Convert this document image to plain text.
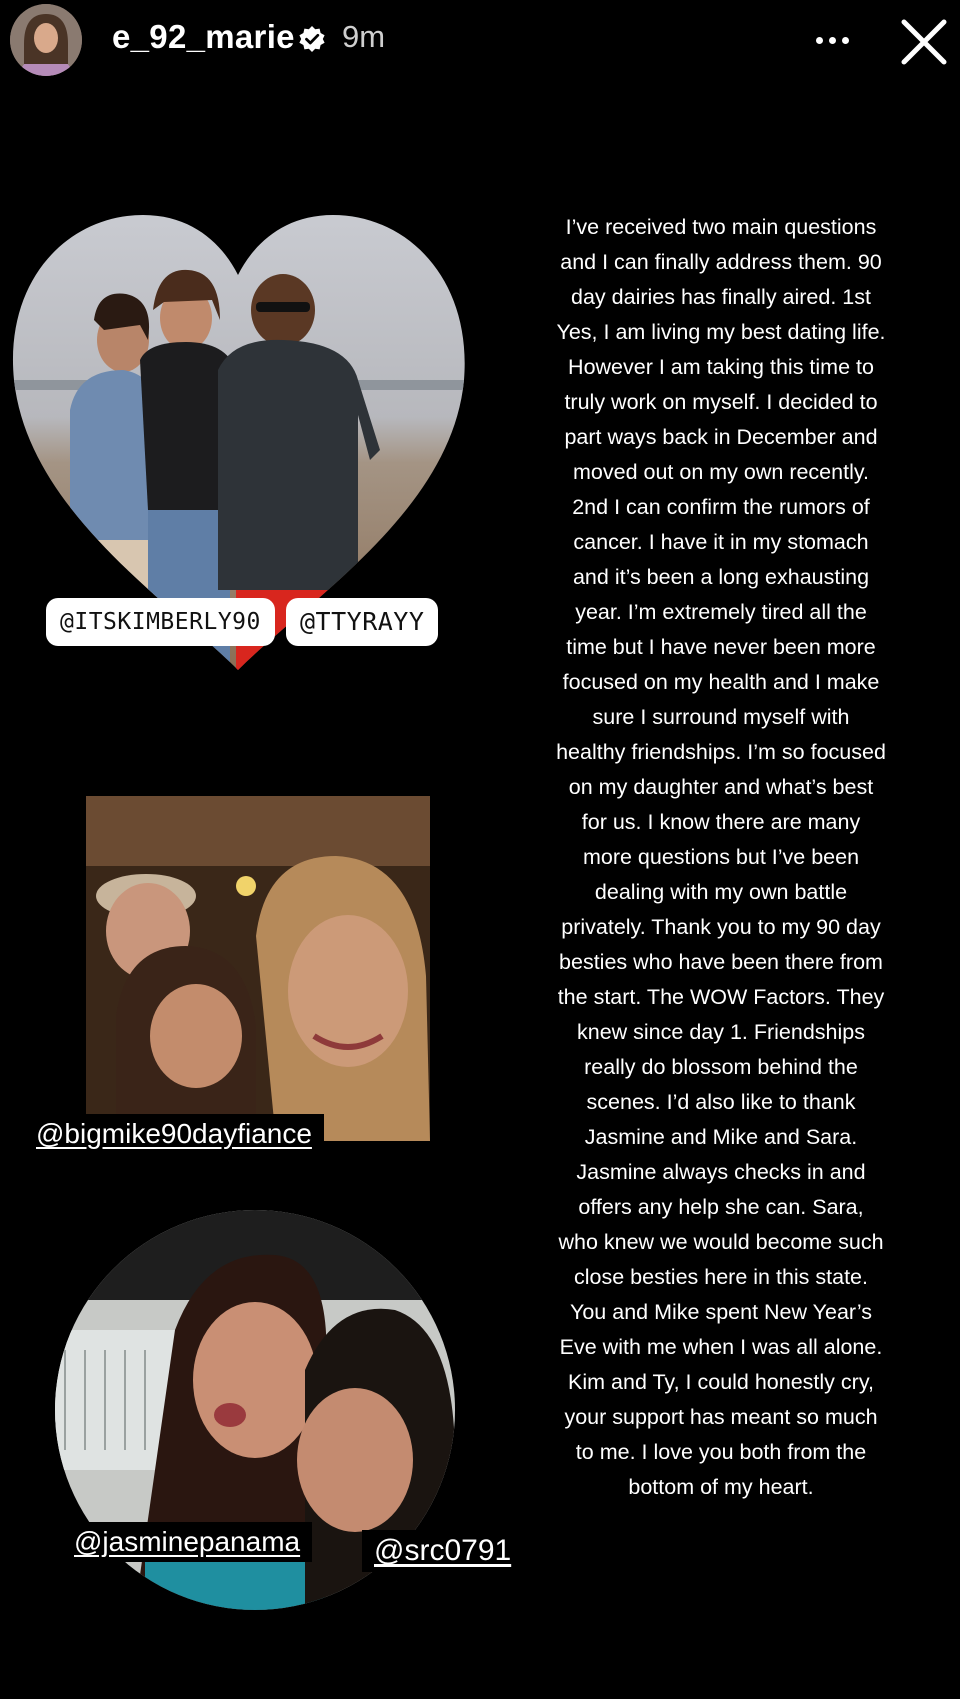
e_92_marie 9m
@ITSKIMBERLY90	@TTYRAYY
@bigmike90dayfiance
@jasminepanama	@src0791
I’ve received two main questions and I can finally address them. 90 day dairies has finally aired. 1st Yes, I am living my best dating life. However I am taking this time to truly work on myself. I decided to part ways back in December and moved out on my own recently. 2nd I can confirm the rumors of cancer. I have it in my stomach and it’s been a long exhausting year. I’m extremely tired all the time but I have never been more focused on my health and I make sure I surround myself with healthy friendships. I’m so focused on my daughter and what’s best for us. I know there are many more questions but I’ve been dealing with my own battle privately. Thank you to my 90 day besties who have been there from the start. The WOW Factors. They knew since day 1. Friendships really do blossom behind the scenes. I’d also like to thank Jasmine and Mike and Sara. Jasmine always checks in and offers any help she can. Sara, who knew we would become such close besties here in this state. You and Mike spent New Year’s Eve with me when I was all alone. Kim and Ty, I could honestly cry, your support has meant so much to me. I love you both from the bottom of my heart.
